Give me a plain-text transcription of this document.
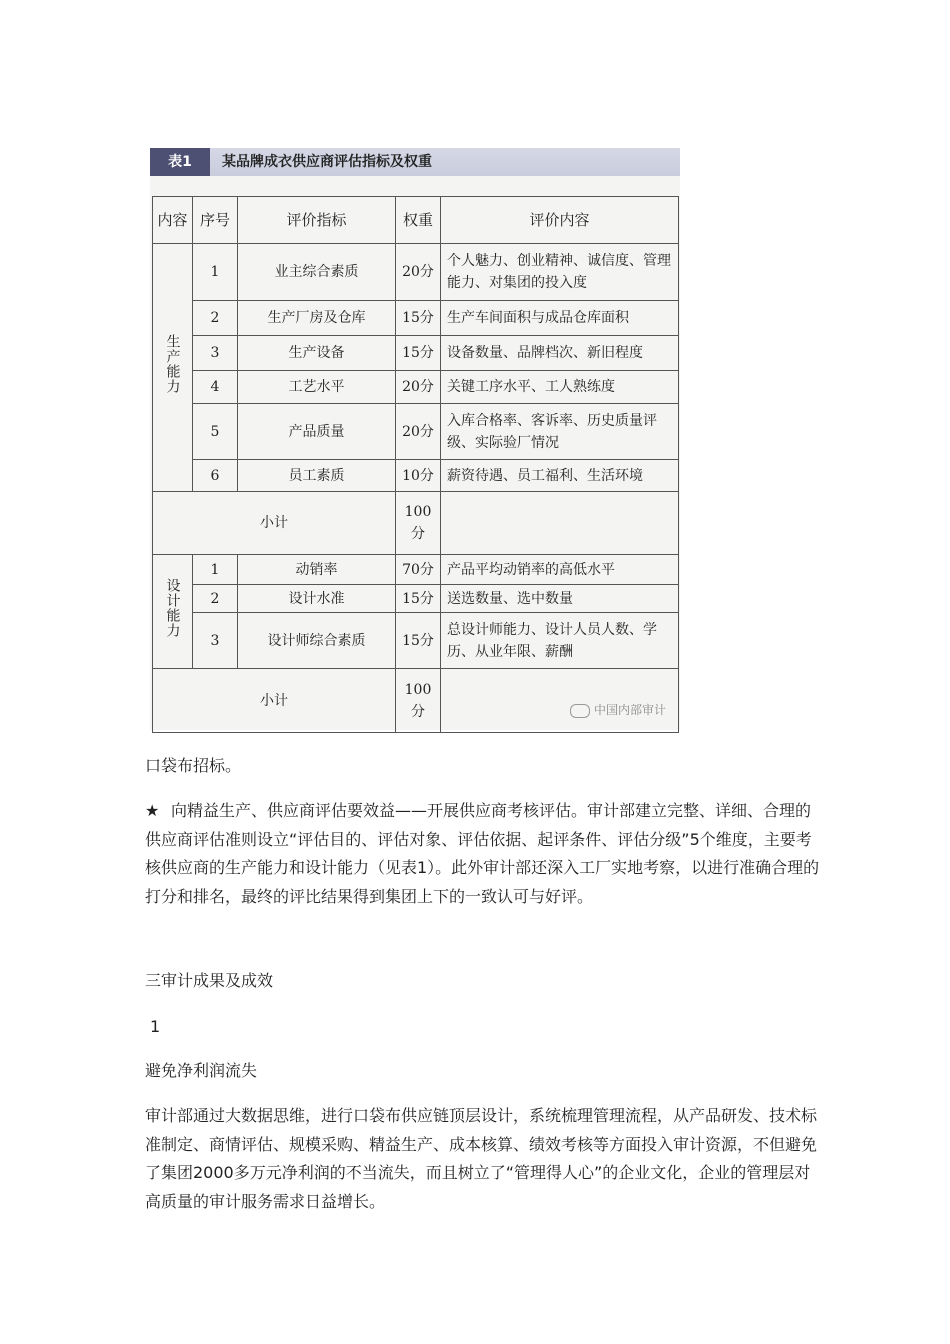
表1	某品牌成衣供应商评估指标及权重
内容	序号	评价指标	权重	评价内容
生产能力	1	业主综合素质	20分	个人魅力、创业精神、诚信度、管理能力、对集团的投入度
	2	生产厂房及仓库	15分	生产车间面积与成品仓库面积
	3	生产设备	15分	设备数量、品牌档次、新旧程度
	4	工艺水平	20分	关键工序水平、工人熟练度
	5	产品质量	20分	入库合格率、客诉率、历史质量评级、实际验厂情况
	6	员工素质	10分	薪资待遇、员工福利、生活环境
小计			100分	
设计能力	1	动销率	70分	产品平均动销率的高低水平
	2	设计水准	15分	送选数量、选中数量
	3	设计师综合素质	15分	总设计师能力、设计人员人数、学历、从业年限、薪酬
小计			100分		中国内部审计

口袋布招标。

★ 向精益生产、供应商评估要效益——开展供应商考核评估。审计部建立完整、详细、合理的供应商评估准则设立“评估目的、评估对象、评估依据、起评条件、评估分级”5个维度，主要考核供应商的生产能力和设计能力（见表1）。此外审计部还深入工厂实地考察，以进行准确合理的打分和排名，最终的评比结果得到集团上下的一致认可与好评。

三审计成果及成效

1

避免净利润流失

审计部通过大数据思维，进行口袋布供应链顶层设计，系统梳理管理流程，从产品研发、技术标准制定、商情评估、规模采购、精益生产、成本核算、绩效考核等方面投入审计资源，不但避免了集团2000多万元净利润的不当流失，而且树立了“管理得人心”的企业文化，企业的管理层对高质量的审计服务需求日益增长。
